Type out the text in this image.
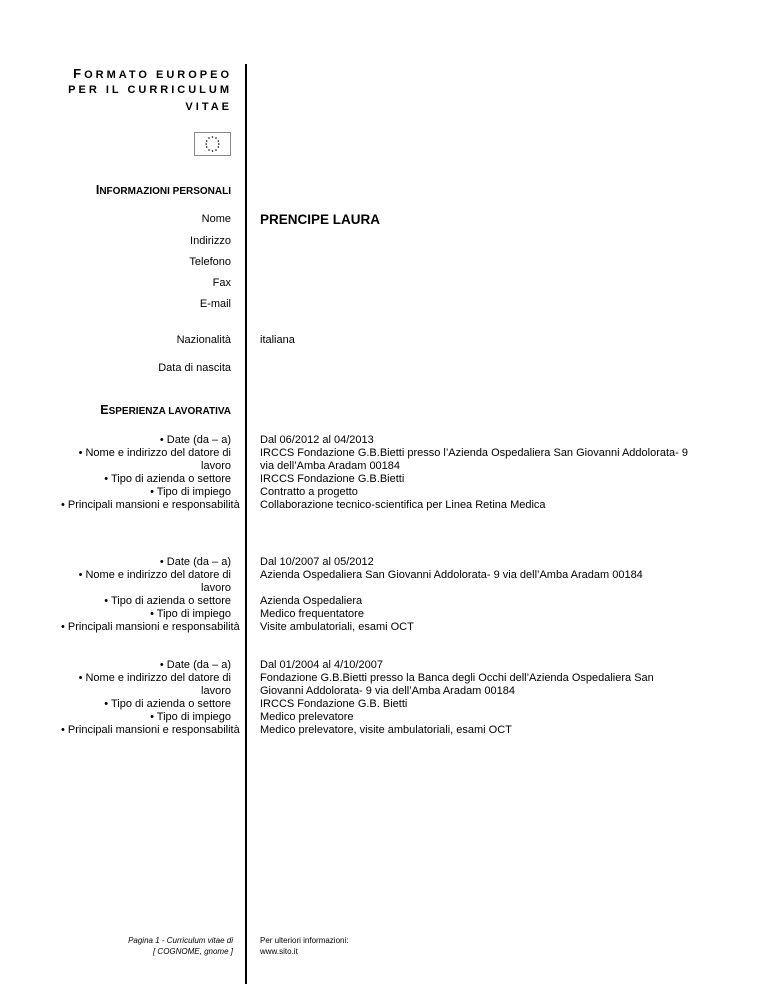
FORMATO EUROPEO
PER IL CURRICULUM
VITAE
INFORMAZIONI PERSONALI
Nome PRENCIPE LAURA
Indirizzo
Telefono
Fax
E-mail
Nazionalità	italiana
Data di nascita
ESPERIENZA LAVORATIVA
• Date (da – a)
• Nome e indirizzo del datore di lavoro
• Tipo di azienda o settore
• Tipo di impiego
• Principali mansioni e responsabilità
Dal 06/2012 al 04/2013
IRCCS Fondazione G.B.Bietti presso l’Azienda Ospedaliera San Giovanni Addolorata- 9 via dell’Amba Aradam 00184
IRCCS Fondazione G.B.Bietti
Contratto a progetto
Collaborazione tecnico-scientifica per Linea Retina Medica
• Date (da – a)
• Nome e indirizzo del datore di lavoro
• Tipo di azienda o settore
• Tipo di impiego
• Principali mansioni e responsabilità
Dal 10/2007 al 05/2012
Azienda Ospedaliera San Giovanni Addolorata- 9 via dell’Amba Aradam 00184
Azienda Ospedaliera
Medico frequentatore
Visite ambulatoriali, esami OCT
• Date (da – a)
• Nome e indirizzo del datore di lavoro
• Tipo di azienda o settore
• Tipo di impiego
• Principali mansioni e responsabilità
Dal 01/2004 al 4/10/2007
Fondazione G.B.Bietti presso la Banca degli Occhi dell’Azienda Ospedaliera San Giovanni Addolorata- 9 via dell’Amba Aradam 00184
IRCCS Fondazione G.B. Bietti
Medico prelevatore
Medico prelevatore, visite ambulatoriali, esami OCT
Pagina 1 - Curriculum vitae di
[ COGNOME, gnome ]
Per ulteriori informazioni:
www.sito.it
